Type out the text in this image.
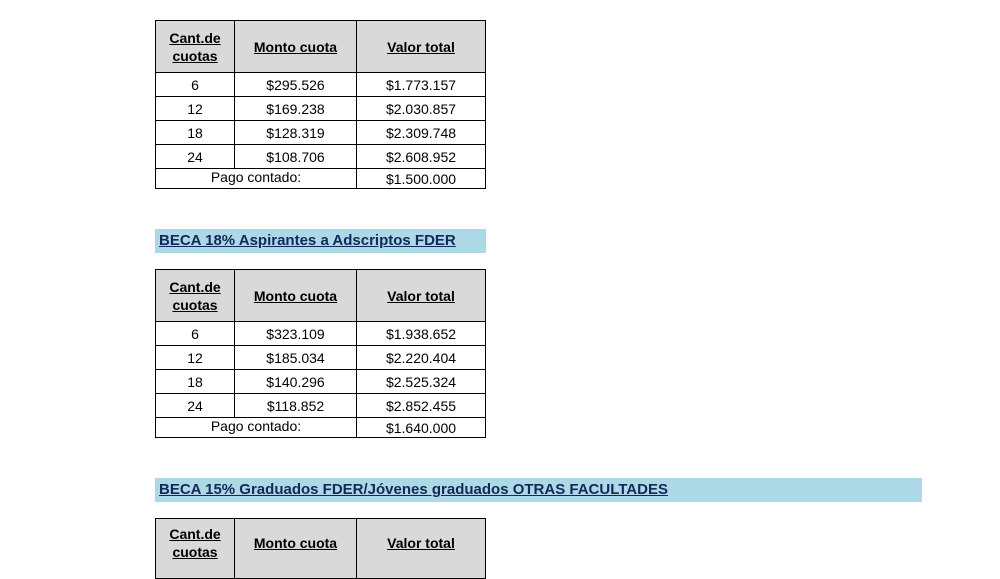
Cant.de cuotas	Monto cuota	Valor total
6	$295.526	$1.773.157
12	$169.238	$2.030.857
18	$128.319	$2.309.748
24	$108.706	$2.608.952
Pago contado:		$1.500.000
BECA 18% Aspirantes a Adscriptos FDER
Cant.de cuotas	Monto cuota	Valor total
6	$323.109	$1.938.652
12	$185.034	$2.220.404
18	$140.296	$2.525.324
24	$118.852	$2.852.455
Pago contado:		$1.640.000
BECA 15% Graduados FDER/Jóvenes graduados OTRAS FACULTADES
Cant.de cuotas	Monto cuota	Valor total
